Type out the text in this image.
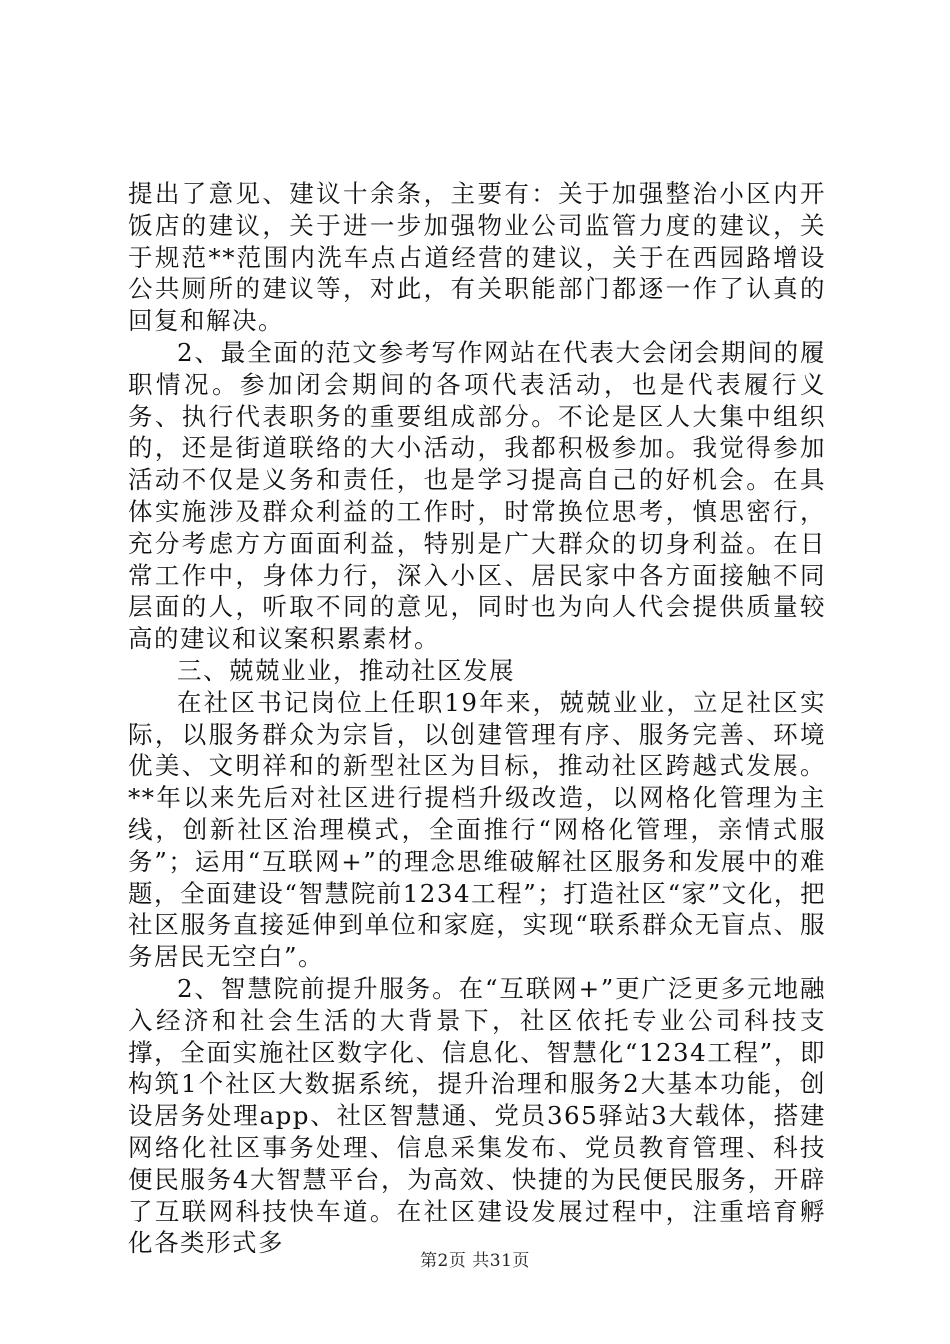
提出了意见、建议十余条，主要有：关于加强整治小区内开饭店的建议，关于进一步加强物业公司监管力度的建议，关于规范**范围内洗车点占道经营的建议，关于在西园路增设公共厕所的建议等，对此，有关职能部门都逐一作了认真的回复和解决。

2、最全面的范文参考写作网站在代表大会闭会期间的履职情况。参加闭会期间的各项代表活动，也是代表履行义务、执行代表职务的重要组成部分。不论是区人大集中组织的，还是街道联络的大小活动，我都积极参加。我觉得参加活动不仅是义务和责任，也是学习提高自己的好机会。在具体实施涉及群众利益的工作时，时常换位思考，慎思密行，充分考虑方方面面利益，特别是广大群众的切身利益。在日常工作中，身体力行，深入小区、居民家中各方面接触不同层面的人，听取不同的意见，同时也为向人代会提供质量较高的建议和议案积累素材。

三、兢兢业业，推动社区发展

在社区书记岗位上任职19年来，兢兢业业，立足社区实际，以服务群众为宗旨，以创建管理有序、服务完善、环境优美、文明祥和的新型社区为目标，推动社区跨越式发展。**年以来先后对社区进行提档升级改造，以网格化管理为主线，创新社区治理模式，全面推行“网格化管理，亲情式服务”；运用“互联网+”的理念思维破解社区服务和发展中的难题，全面建设“智慧院前1234工程”；打造社区“家”文化，把社区服务直接延伸到单位和家庭，实现“联系群众无盲点、服务居民无空白”。

2、智慧院前提升服务。在“互联网+”更广泛更多元地融入经济和社会生活的大背景下，社区依托专业公司科技支撑，全面实施社区数字化、信息化、智慧化“1234工程”，即构筑1个社区大数据系统，提升治理和服务2大基本功能，创设居务处理app、社区智慧通、党员365驿站3大载体，搭建网络化社区事务处理、信息采集发布、党员教育管理、科技便民服务4大智慧平台，为高效、快捷的为民便民服务，开辟了互联网科技快车道。在社区建设发展过程中，注重培育孵化各类形式多

第2页 共31页
